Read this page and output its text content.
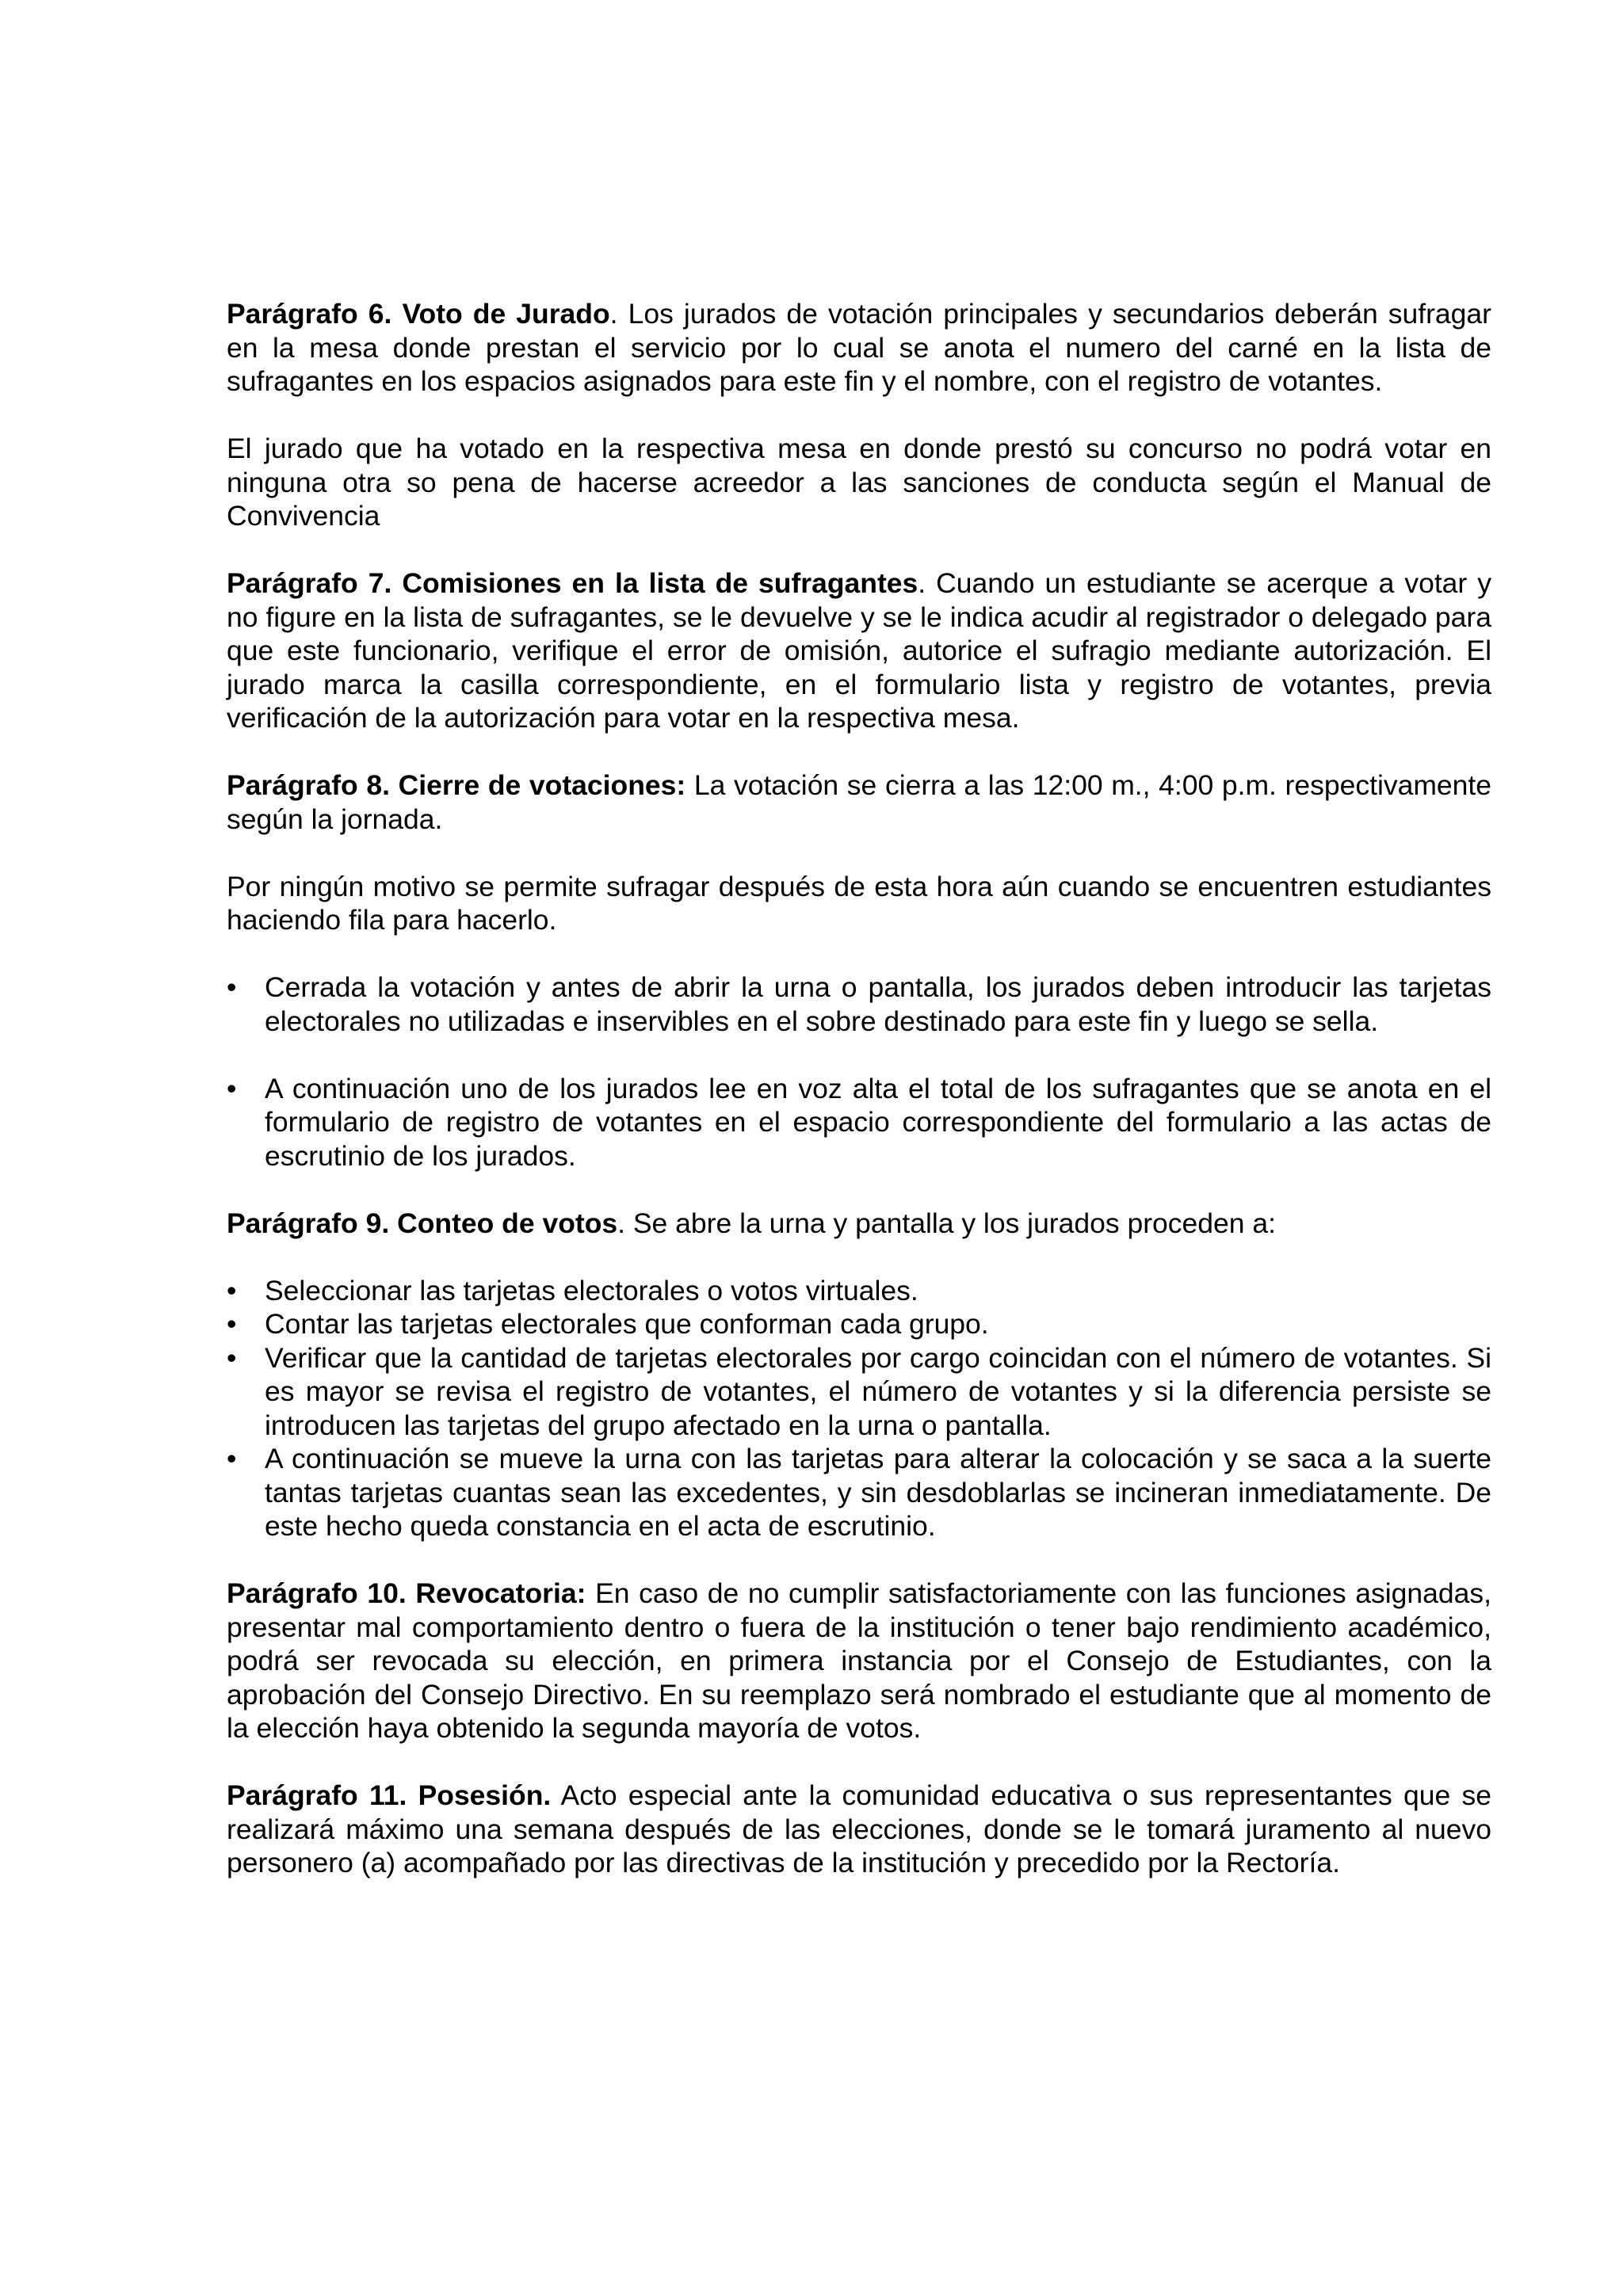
Parágrafo 6. Voto de Jurado. Los jurados de votación principales y secundarios deberán sufragar en la mesa donde prestan el servicio por lo cual se anota el numero del carné en la lista de sufragantes en los espacios asignados para este fin y el nombre, con el registro de votantes.

El jurado que ha votado en la respectiva mesa en donde prestó su concurso no podrá votar en ninguna otra so pena de hacerse acreedor a las sanciones de conducta según el Manual de Convivencia

Parágrafo 7. Comisiones en la lista de sufragantes. Cuando un estudiante se acerque a votar y no figure en la lista de sufragantes, se le devuelve y se le indica acudir al registrador o delegado para que este funcionario, verifique el error de omisión, autorice el sufragio mediante autorización. El jurado marca la casilla correspondiente, en el formulario lista y registro de votantes, previa verificación de la autorización para votar en la respectiva mesa.

Parágrafo 8. Cierre de votaciones: La votación se cierra a las 12:00 m., 4:00 p.m. respectivamente según la jornada.

Por ningún motivo se permite sufragar después de esta hora aún cuando se encuentren estudiantes haciendo fila para hacerlo.

• Cerrada la votación y antes de abrir la urna o pantalla, los jurados deben introducir las tarjetas electorales no utilizadas e inservibles en el sobre destinado para este fin y luego se sella.
• A continuación uno de los jurados lee en voz alta el total de los sufragantes que se anota en el formulario de registro de votantes en el espacio correspondiente del formulario a las actas de escrutinio de los jurados.

Parágrafo 9. Conteo de votos. Se abre la urna y pantalla y los jurados proceden a:

• Seleccionar las tarjetas electorales o votos virtuales.
• Contar las tarjetas electorales que conforman cada grupo.
• Verificar que la cantidad de tarjetas electorales por cargo coincidan con el número de votantes. Si es mayor se revisa el registro de votantes, el número de votantes y si la diferencia persiste se introducen las tarjetas del grupo afectado en la urna o pantalla.
• A continuación se mueve la urna con las tarjetas para alterar la colocación y se saca a la suerte tantas tarjetas cuantas sean las excedentes, y sin desdoblarlas se incineran inmediatamente. De este hecho queda constancia en el acta de escrutinio.

Parágrafo 10. Revocatoria: En caso de no cumplir satisfactoriamente con las funciones asignadas, presentar mal comportamiento dentro o fuera de la institución o tener bajo rendimiento académico, podrá ser revocada su elección, en primera instancia por el Consejo de Estudiantes, con la aprobación del Consejo Directivo. En su reemplazo será nombrado el estudiante que al momento de la elección haya obtenido la segunda mayoría de votos.

Parágrafo 11. Posesión. Acto especial ante la comunidad educativa o sus representantes que se realizará máximo una semana después de las elecciones, donde se le tomará juramento al nuevo personero (a) acompañado por las directivas de la institución y precedido por la Rectoría.
